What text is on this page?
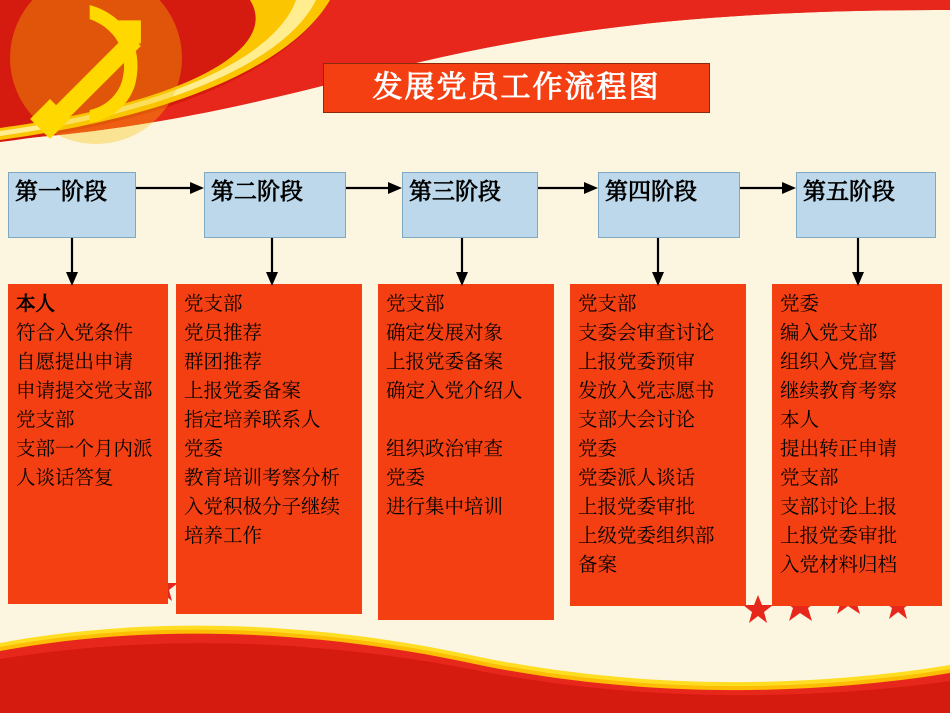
发展党员工作流程图
第一阶段
本人
符合入党条件
自愿提出申请
申请提交党支部
党支部
支部一个月内派
人谈话答复
第二阶段
党支部
党员推荐
群团推荐
上报党委备案
指定培养联系人
党委
教育培训考察分析
入党积极分子继续
培养工作
第三阶段
党支部
确定发展对象
上报党委备案
确定入党介绍人
组织政治审查
党委
进行集中培训
第四阶段
党支部
支委会审查讨论
上报党委预审
发放入党志愿书
支部大会讨论
党委
党委派人谈话
上报党委审批
上级党委组织部
备案
第五阶段
党委
编入党支部
组织入党宣誓
继续教育考察
本人
提出转正申请
党支部
支部讨论上报
上报党委审批
入党材料归档
